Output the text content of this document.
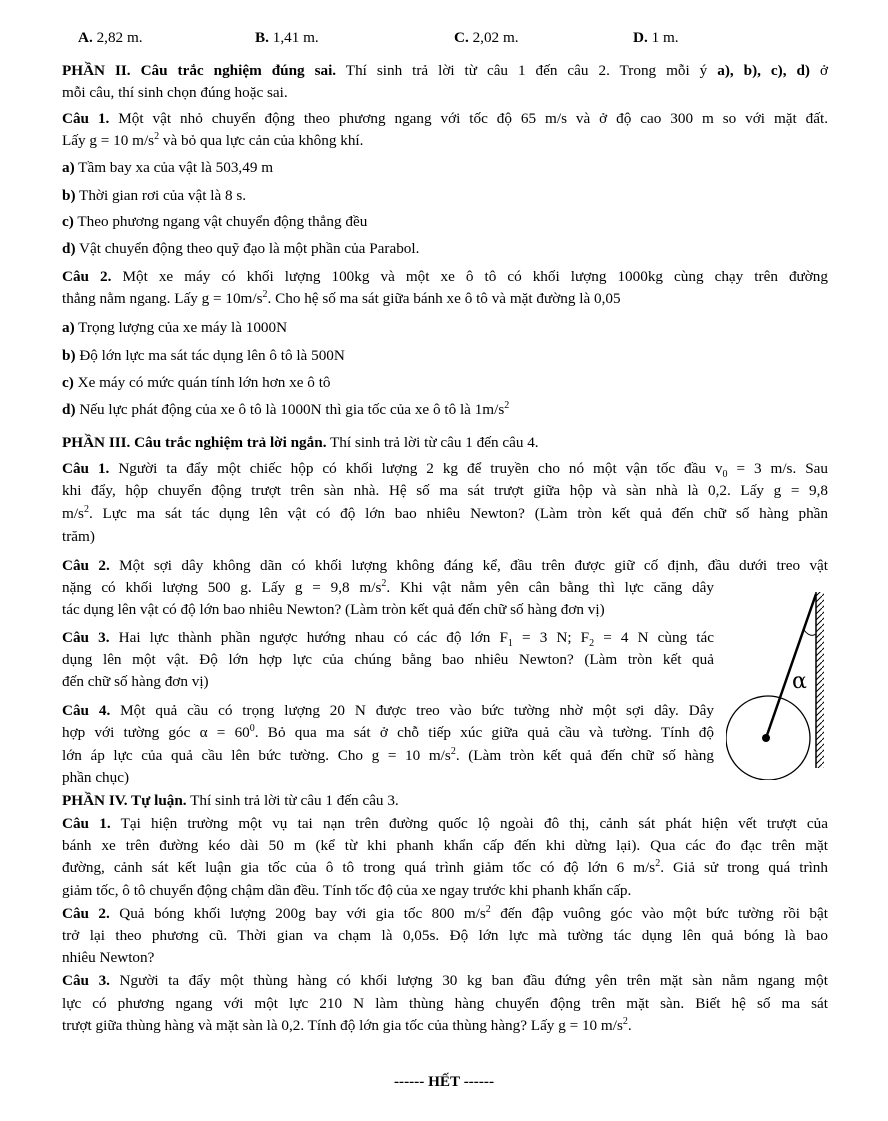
A. 2,82 m.	B. 1,41 m.	C. 2,02 m.	D. 1 m.
PHẦN II. Câu trắc nghiệm đúng sai. Thí sinh trả lời từ câu 1 đến câu 2. Trong mỗi ý a), b), c), d) ở
mỗi câu, thí sinh chọn đúng hoặc sai.
Câu 1. Một vật nhỏ chuyển động theo phương ngang với tốc độ 65 m/s và ở độ cao 300 m so với mặt đất.
Lấy g = 10 $m/s^2$ và bỏ qua lực cản của không khí.
a) Tầm bay xa của vật là 503,49 m
b) Thời gian rơi của vật là 8 s.
c) Theo phương ngang vật chuyển động thẳng đều
d) Vật chuyển động theo quỹ đạo là một phần của Parabol.
Câu 2. Một xe máy có khối lượng 100kg và một xe ô tô có khối lượng 1000kg cùng chạy trên đường
thẳng nằm ngang. Lấy $g = 10m/s^2$. Cho hệ số ma sát giữa bánh xe ô tô và mặt đường là 0,05
a) Trọng lượng của xe máy là 1000N
b) Độ lớn lực ma sát tác dụng lên ô tô là 500N
c) Xe máy có mức quán tính lớn hơn xe ô tô
d) Nếu lực phát động của xe ô tô là 1000N thì gia tốc của xe ô tô là $1m/s^2$
PHẦN III. Câu trắc nghiệm trả lời ngắn. Thí sinh trả lời từ câu 1 đến câu 4.
Câu 1. Người ta đẩy một chiếc hộp có khối lượng 2 kg để truyền cho nó một vận tốc đầu $v_0 = 3$ m/s. Sau
khi đẩy, hộp chuyển động trượt trên sàn nhà. Hệ số ma sát trượt giữa hộp và sàn nhà là 0,2. Lấy g = 9,8
$m/s^2$. Lực ma sát tác dụng lên vật có độ lớn bao nhiêu Newton? (Làm tròn kết quả đến chữ số hàng phần
trăm)
Câu 2. Một sợi dây không dãn có khối lượng không đáng kể, đầu trên được giữ cố định, đầu dưới treo vật
nặng có khối lượng 500 g. Lấy g = 9,8 $m/s^2$. Khi vật nằm yên cân bằng thì lực căng dây
tác dụng lên vật có độ lớn bao nhiêu Newton? (Làm tròn kết quả đến chữ số hàng đơn vị)
Câu 3. Hai lực thành phần ngược hướng nhau có các độ lớn $F_1 = 3$ N; $F_2 = 4$ N cùng tác
dụng lên một vật. Độ lớn hợp lực của chúng bằng bao nhiêu Newton? (Làm tròn kết quả
đến chữ số hàng đơn vị)
Câu 4. Một quả cầu có trọng lượng 20 N được treo vào bức tường nhờ một sợi dây. Dây
hợp với tường góc $\alpha = 60^0$. Bỏ qua ma sát ở chỗ tiếp xúc giữa quả cầu và tường. Tính độ
lớn áp lực của quả cầu lên bức tường. Cho g = 10 $m/s^2$. (Làm tròn kết quả đến chữ số hàng
phần chục)
α
PHẦN IV. Tự luận. Thí sinh trả lời từ câu 1 đến câu 3.
Câu 1. Tại hiện trường một vụ tai nạn trên đường quốc lộ ngoài đô thị, cảnh sát phát hiện vết trượt của
bánh xe trên đường kéo dài 50 m (kể từ khi phanh khẩn cấp đến khi dừng lại). Qua các đo đạc trên mặt
đường, cảnh sát kết luận gia tốc của ô tô trong quá trình giảm tốc có độ lớn 6 $m/s^2$. Giả sử trong quá trình
giảm tốc, ô tô chuyển động chậm dần đều. Tính tốc độ của xe ngay trước khi phanh khẩn cấp.
Câu 2. Quả bóng khối lượng 200g bay với gia tốc 800 $m/s^2$ đến đập vuông góc vào một bức tường rồi bật
trở lại theo phương cũ. Thời gian va chạm là 0,05s. Độ lớn lực mà tường tác dụng lên quả bóng là bao
nhiêu Newton?
Câu 3. Người ta đẩy một thùng hàng có khối lượng 30 kg ban đầu đứng yên trên mặt sàn nằm ngang một
lực có phương ngang với một lực 210 N làm thùng hàng chuyển động trên mặt sàn. Biết hệ số ma sát
trượt giữa thùng hàng và mặt sàn là 0,2. Tính độ lớn gia tốc của thùng hàng? Lấy g = 10 $m/s^2$.
------ HẾT ------
